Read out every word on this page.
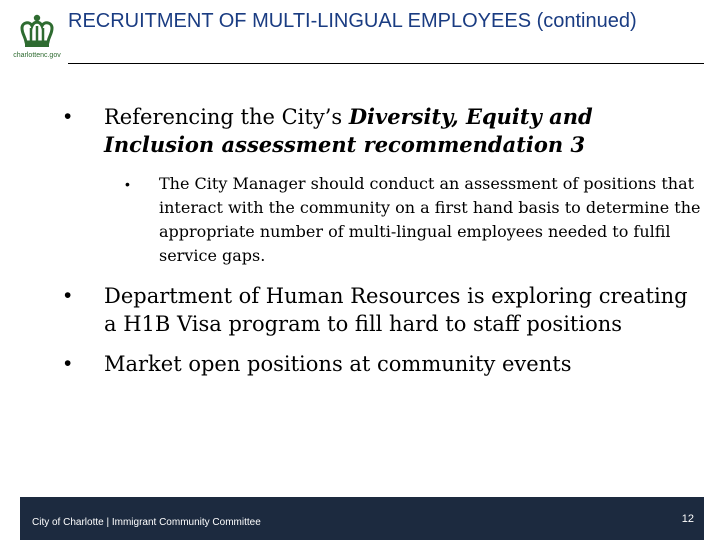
charlottenc.gov
RECRUITMENT OF MULTI-LINGUAL EMPLOYEES (continued)
• Referencing the City’s Diversity, Equity and Inclusion assessment recommendation 3
• The City Manager should conduct an assessment of positions that interact with the community on a first hand basis to determine the appropriate number of multi-lingual employees needed to fulfil service gaps.
• Department of Human Resources is exploring creating a H1B Visa program to fill hard to staff positions
• Market open positions at community events
City of Charlotte | Immigrant Community Committee	12
